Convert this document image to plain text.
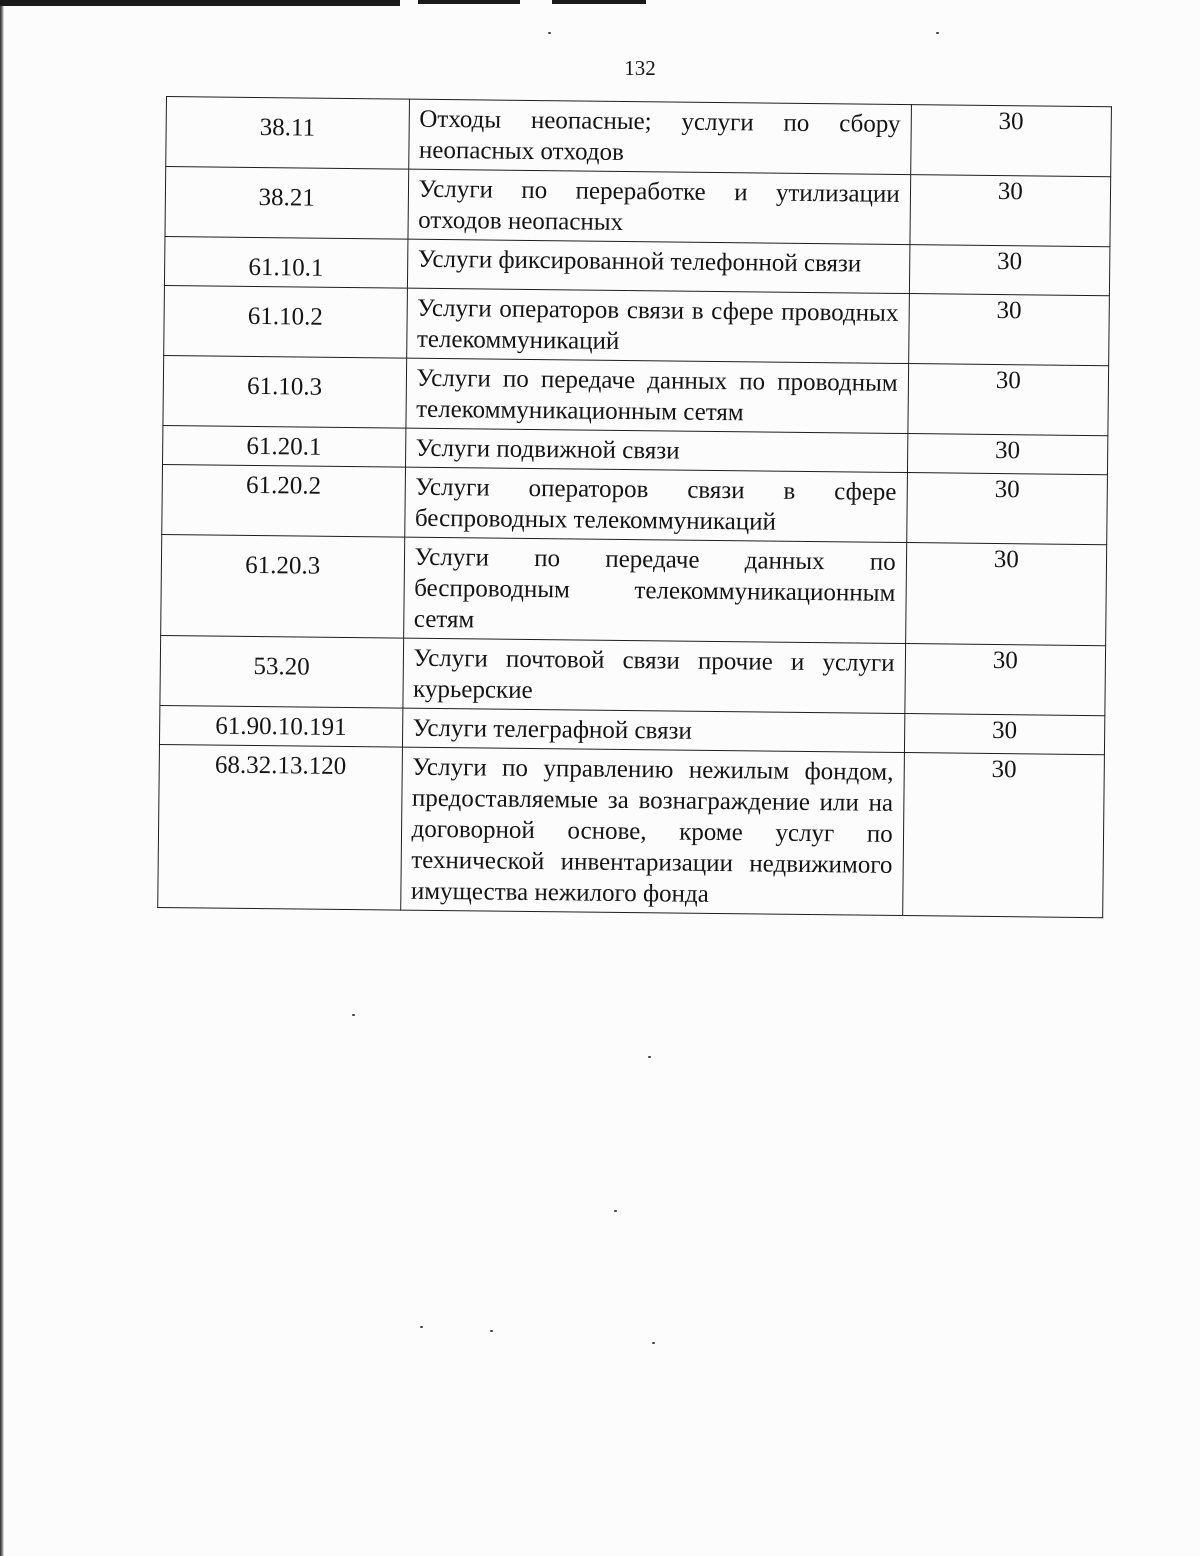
132
38.11	Отходы неопасные; услуги по сбору неопасных отходов	30
38.21	Услуги по переработке и утилизации отходов неопасных	30
61.10.1	Услуги фиксированной телефонной связи	30
61.10.2	Услуги операторов связи в сфере проводных телекоммуникаций	30
61.10.3	Услуги по передаче данных по проводным телекоммуникационным сетям	30
61.20.1	Услуги подвижной связи	30
61.20.2	Услуги операторов связи в сфере беспроводных телекоммуникаций	30
61.20.3	Услуги по передаче данных по беспроводным телекоммуникационным сетям	30
53.20	Услуги почтовой связи прочие и услуги курьерские	30
61.90.10.191	Услуги телеграфной связи	30
68.32.13.120	Услуги по управлению нежилым фондом, предоставляемые за вознаграждение или на договорной основе, кроме услуг по технической инвентаризации недвижимого имущества нежилого фонда	30
